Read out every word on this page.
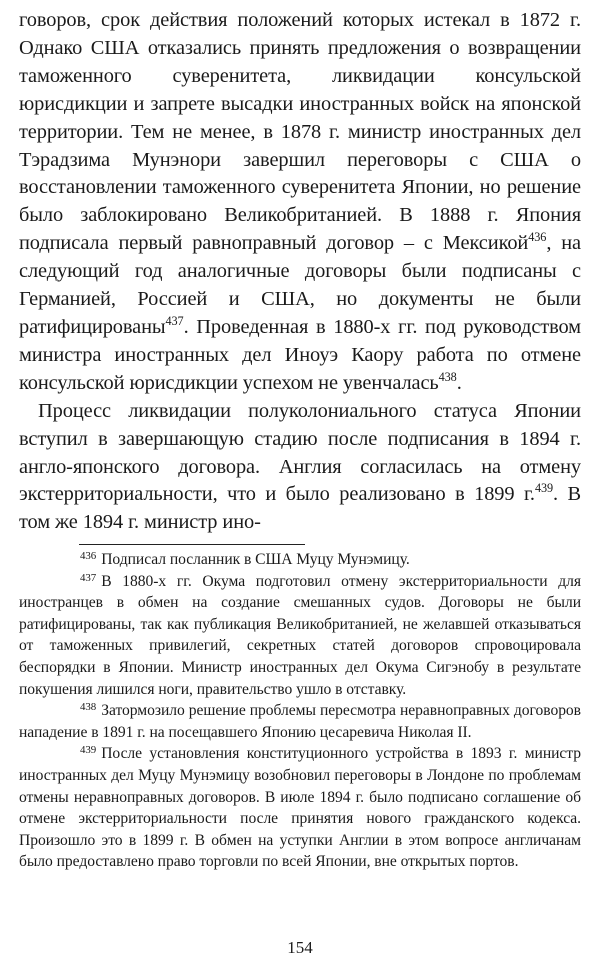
говоров, срок действия положений которых истекал в 1872 г. Однако США отказались принять предложения о возвращении таможенного суверенитета, ликвидации консульской юрисдикции и запрете высадки иностранных войск на японской территории. Тем не менее, в 1878 г. министр иностранных дел Тэрадзима Мунэнори завершил переговоры с США о восстановлении таможенного суверенитета Японии, но решение было заблокировано Великобританией. В 1888 г. Япония подписала первый равноправный договор – с Мексикой$^{436}$, на следующий год аналогичные договоры были подписаны с Германией, Россией и США, но документы не были ратифицированы$^{437}$. Проведенная в 1880-х гг. под руководством министра иностранных дел Иноуэ Каору работа по отмене консульской юрисдикции успехом не увенчалась$^{438}$.

Процесс ликвидации полуколониального статуса Японии вступил в завершающую стадию после подписания в 1894 г. англо-японского договора. Англия согласилась на отмену экстерриториальности, что и было реализовано в 1899 г.$^{439}$. В том же 1894 г. министр ино-

$^{436}$ Подписал посланник в США Муцу Мунэмицу.

$^{437}$ В 1880-х гг. Окума подготовил отмену экстерриториальности для иностранцев в обмен на создание смешанных судов. Договоры не были ратифицированы, так как публикация Великобританией, не желавшей отказываться от таможенных привилегий, секретных статей договоров спровоцировала беспорядки в Японии. Министр иностранных дел Окума Сигэнобу в результате покушения лишился ноги, правительство ушло в отставку.

$^{438}$ Затормозило решение проблемы пересмотра неравноправных договоров нападение в 1891 г. на посещавшего Японию цесаревича Николая II.

$^{439}$ После установления конституционного устройства в 1893 г. министр иностранных дел Муцу Мунэмицу возобновил переговоры в Лондоне по проблемам отмены неравноправных договоров. В июле 1894 г. было подписано соглашение об отмене экстерриториальности после принятия нового гражданского кодекса. Произошло это в 1899 г. В обмен на уступки Англии в этом вопросе англичанам было предоставлено право торговли по всей Японии, вне открытых портов.

154
